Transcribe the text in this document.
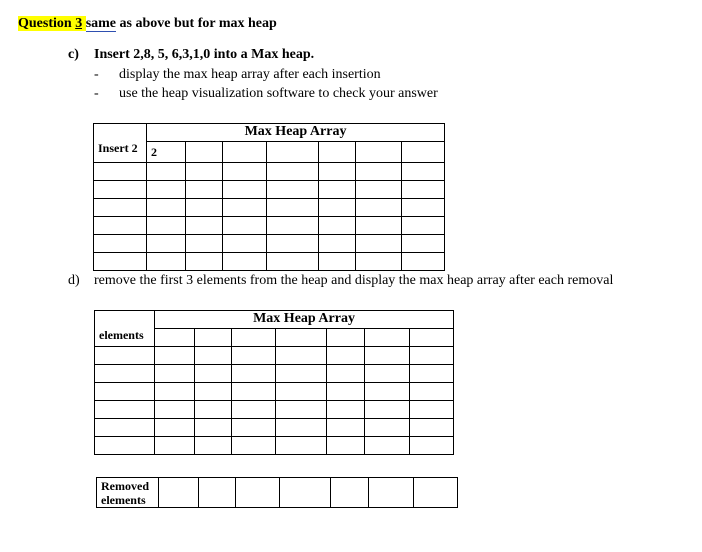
Question 3 same as above but for max heap
c) Insert 2,8, 5, 6,3,1,0 into a Max heap.
- display the max heap array after each insertion
- use the heap visualization software to check your answer
	Max Heap Array						
Insert 2	2						

d) remove the first 3 elements from the heap and display the max heap array after each removal
	Max Heap Array						
elements							

Removed elements							
